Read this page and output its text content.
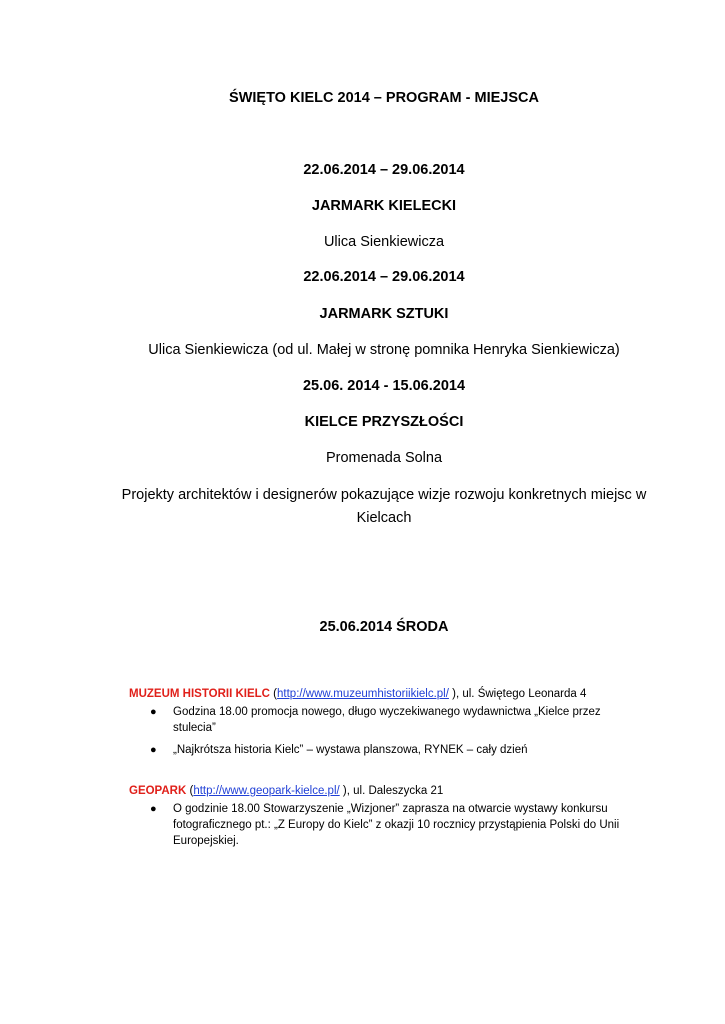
ŚWIĘTO KIELC 2014 – PROGRAM - MIEJSCA
22.06.2014 – 29.06.2014
JARMARK KIELECKI
Ulica Sienkiewicza
22.06.2014 – 29.06.2014
JARMARK SZTUKI
Ulica Sienkiewicza (od ul. Małej w stronę pomnika Henryka Sienkiewicza)
25.06. 2014 - 15.06.2014
KIELCE PRZYSZŁOŚCI
Promenada Solna
Projekty architektów i designerów pokazujące wizje rozwoju konkretnych miejsc w Kielcach
25.06.2014 ŚRODA
MUZEUM HISTORII KIELC (http://www.muzeumhistoriikielc.pl/ ), ul. Świętego Leonarda 4
● Godzina 18.00 promocja nowego, długo wyczekiwanego wydawnictwa „Kielce przez stulecia”
● „Najkrótsza historia Kielc” – wystawa planszowa, RYNEK – cały dzień
GEOPARK (http://www.geopark-kielce.pl/ ), ul. Daleszycka 21
● O godzinie 18.00 Stowarzyszenie „Wizjoner” zaprasza na otwarcie wystawy konkursu fotograficznego pt.: „Z Europy do Kielc” z okazji 10 rocznicy przystąpienia Polski do Unii Europejskiej.
